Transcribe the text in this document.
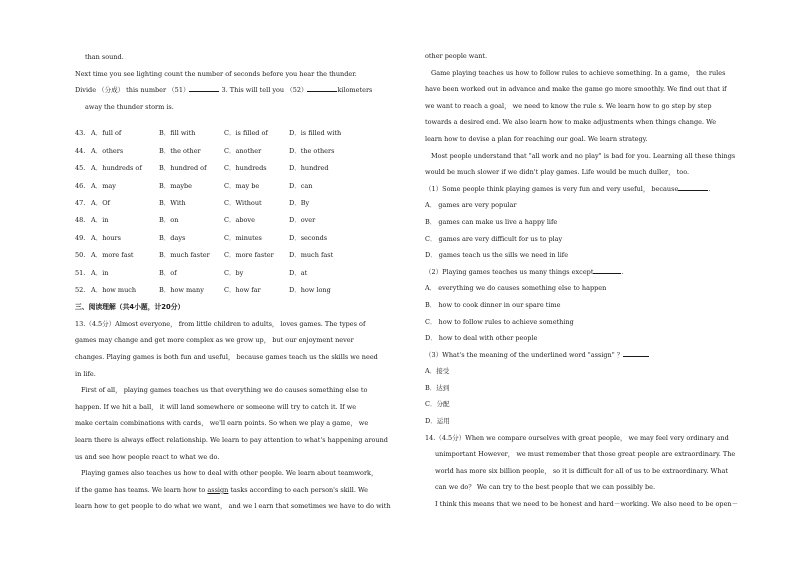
than sound.
Next time you see lighting count the number of seconds before you hear the thunder.
Divide （分成） this number （51）	3. This will tell you （52）	kilometers
away the thunder storm is.
43. A．full of	B．fill with	C．is filled of	D．is filled with
44. A．others	B．the other	C．another	D．the others
45. A．hundreds of	B．hundred of	C．hundreds	D．hundred
46. A．may	B．maybe	C．may be	D．can
47. A．Of	B．With	C．Without	D．By
48. A．in	B．on	C．above	D．over
49. A．hours	B．days	C．minutes	D．seconds
50. A．more fast	B．much faster	C．more faster	D．much fast
51. A．in	B．of	C．by	D．at
52. A．how much	B．how many	C．how far	D．how long
三、阅读理解（共4小题，计20分）
13.（4.5分）Almost everyone， from little children to adults， loves games. The types of
games may change and get more complex as we grow up， but our enjoyment never
changes. Playing games is both fun and useful， because games teach us the skills we need
in life.
First of all， playing games teaches us that everything we do causes something else to
happen. If we hit a ball， it will land somewhere or someone will try to catch it. If we
make certain combinations with cards， we'll earn points. So when we play a game， we
learn there is always effect relationship. We learn to pay attention to what's happening around
us and see how people react to what we do.
Playing games also teaches us how to deal with other people. We learn about teamwork，
if the game has teams. We learn how to assign tasks according to each person's skill. We
learn how to get people to do what we want， and we l earn that sometimes we have to do with
other people want.
Game playing teaches us how to follow rules to achieve something. In a game， the rules
have been worked out in advance and make the game go more smoothly. We find out that if
we want to reach a goal， we need to know the rule s. We learn how to go step by step
towards a desired end. We also learn how to make adjustments when things change. We
learn how to devise a plan for reaching our goal. We learn strategy.
Most people understand that "all work and no play" is bad for you. Learning all these things
would be much slower if we didn't play games. Life would be much duller， too.
（1）Some people think playing games is very fun and very useful， because	.
A． games are very popular
B． games can make us live a happy life
C． games are very difficult for us to play
D． games teach us the sills we need in life
（2）Playing games teaches us many things except	.
A． everything we do causes something else to happen
B． how to cook dinner in our spare time
C． how to follow rules to achieve something
D． how to deal with other people
（3）What's the meaning of the underlined word "assign" ？
A．接受
B．达到
C．分配
D．运用
14.（4.5分）When we compare ourselves with great people， we may feel very ordinary and
unimportant However， we must remember that those great people are extraordinary. The
world has more six billion people， so it is difficult for all of us to be extraordinary. What
can we do？ We can try to the best people that we can possibly be.
I think this means that we need to be honest and hard－working. We also need to be open－
